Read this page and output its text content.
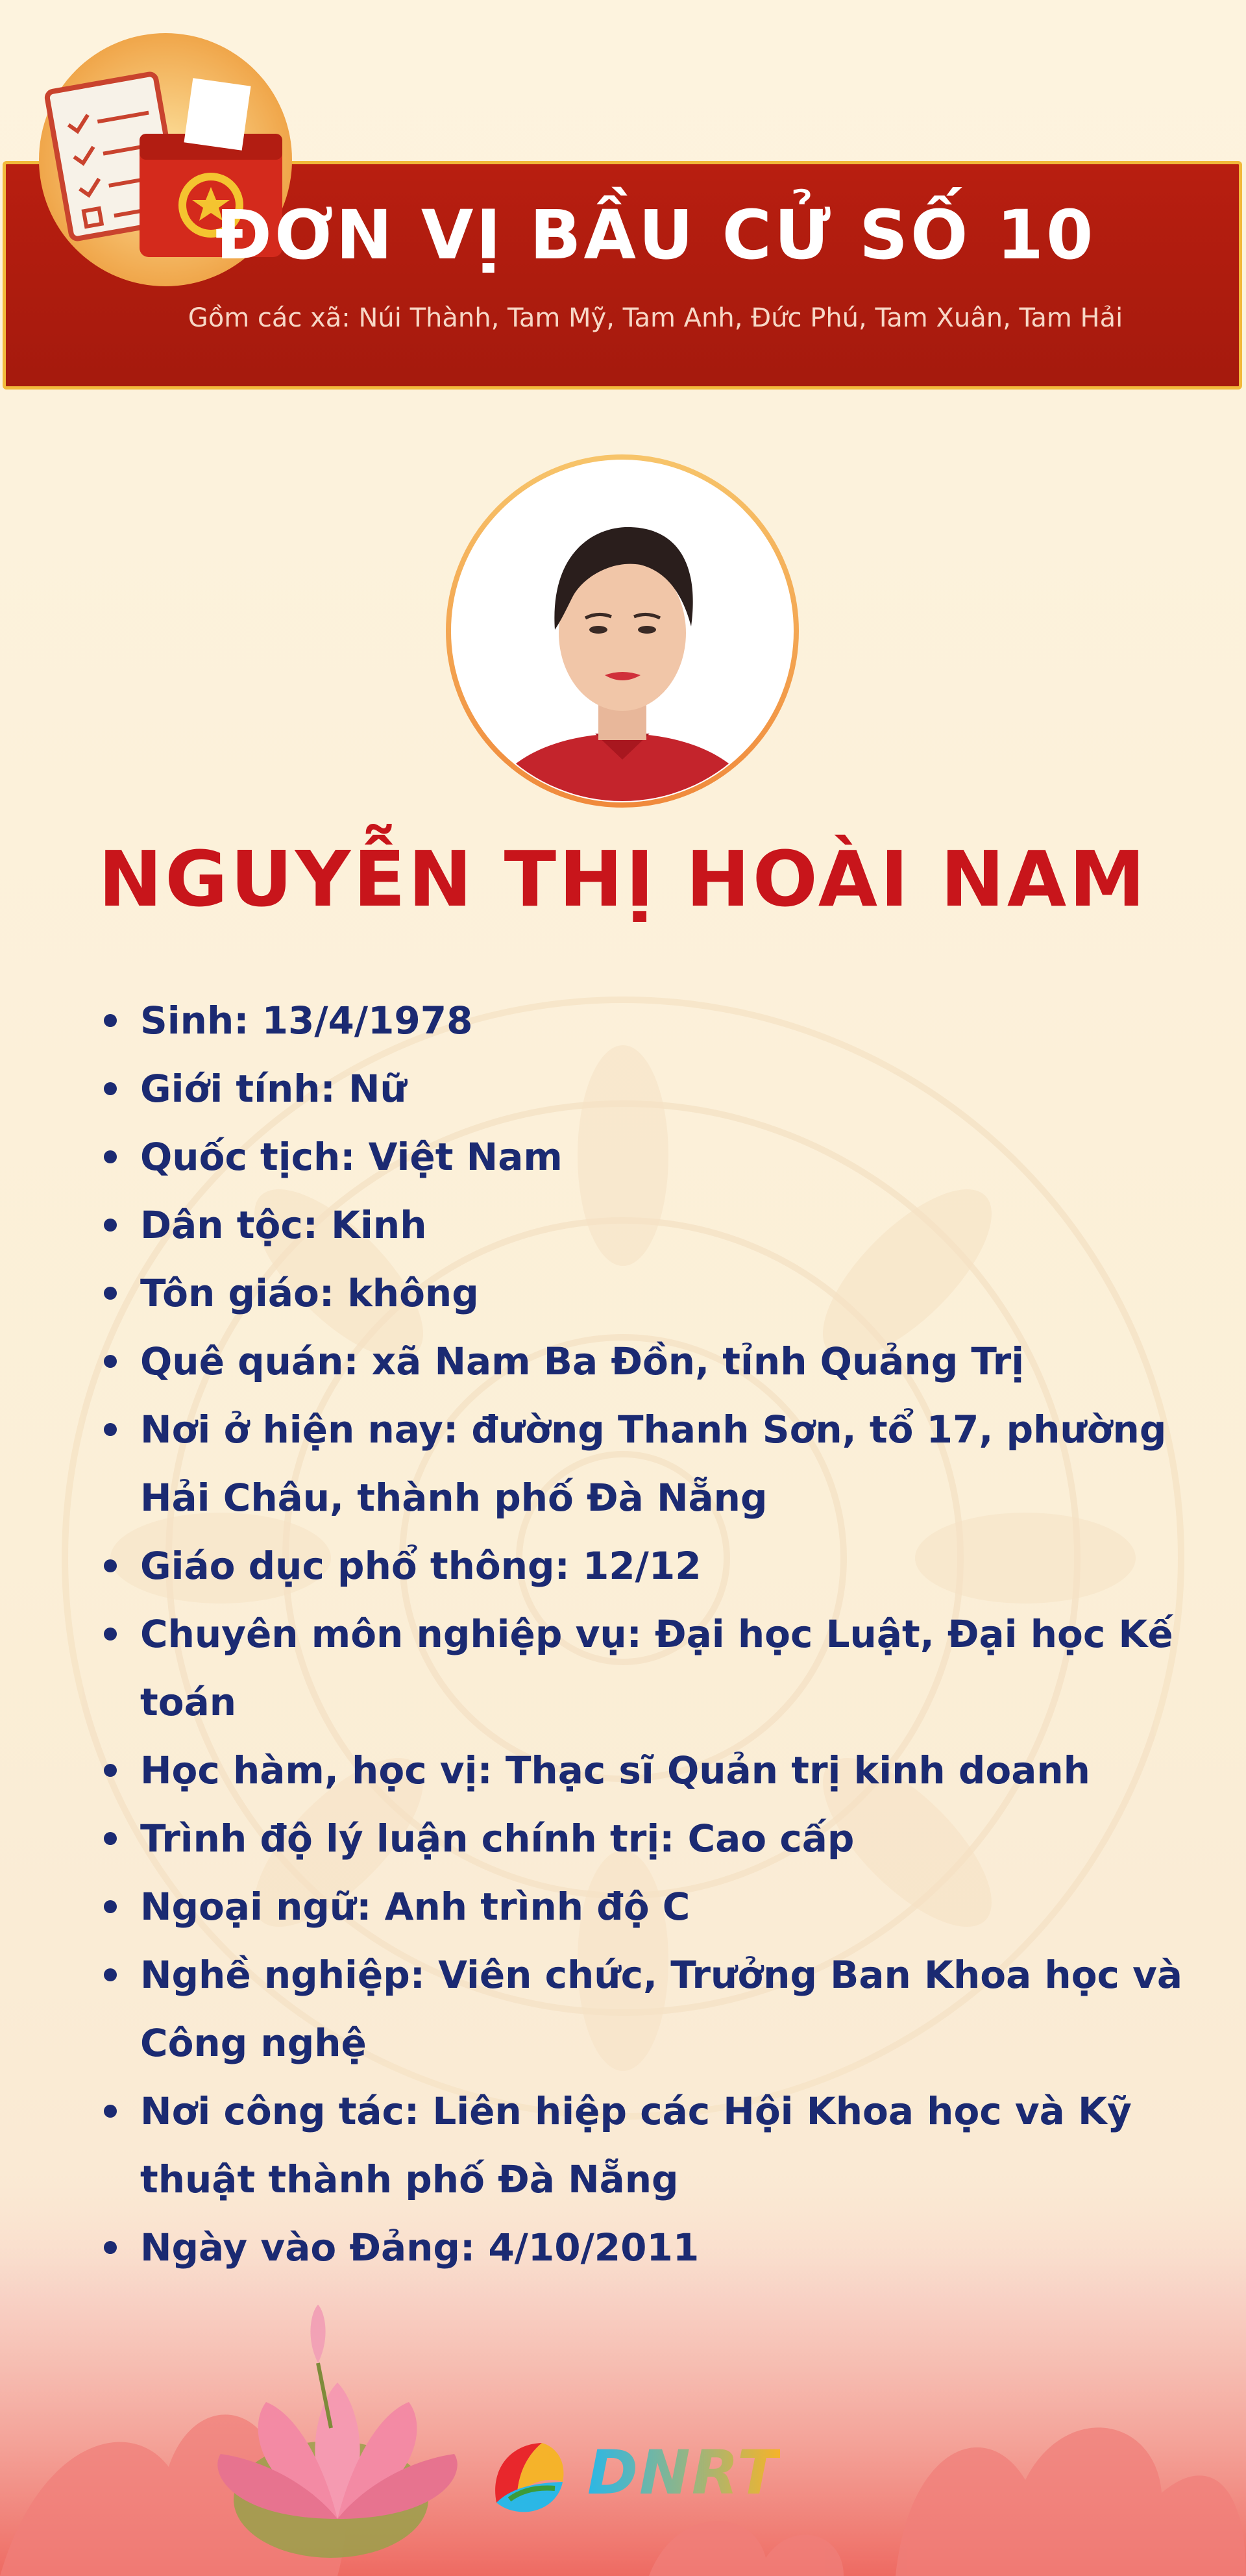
ĐƠN VỊ BẦU CỬ SỐ 10
Gồm các xã: Núi Thành, Tam Mỹ, Tam Anh, Đức Phú, Tam Xuân, Tam Hải
NGUYỄN THỊ HOÀI NAM
Sinh: 13/4/1978
Giới tính: Nữ
Quốc tịch: Việt Nam
Dân tộc: Kinh
Tôn giáo: không
Quê quán: xã Nam Ba Đồn, tỉnh Quảng Trị
Nơi ở hiện nay: đường Thanh Sơn, tổ 17, phường Hải Châu, thành phố Đà Nẵng
Giáo dục phổ thông: 12/12
Chuyên môn nghiệp vụ: Đại học Luật, Đại học Kế toán
Học hàm, học vị: Thạc sĩ Quản trị kinh doanh
Trình độ lý luận chính trị: Cao cấp
Ngoại ngữ: Anh trình độ C
Nghề nghiệp: Viên chức, Trưởng Ban Khoa học và Công nghệ
Nơi công tác: Liên hiệp các Hội Khoa học và Kỹ thuật thành phố Đà Nẵng
Ngày vào Đảng: 4/10/2011
DNRT
